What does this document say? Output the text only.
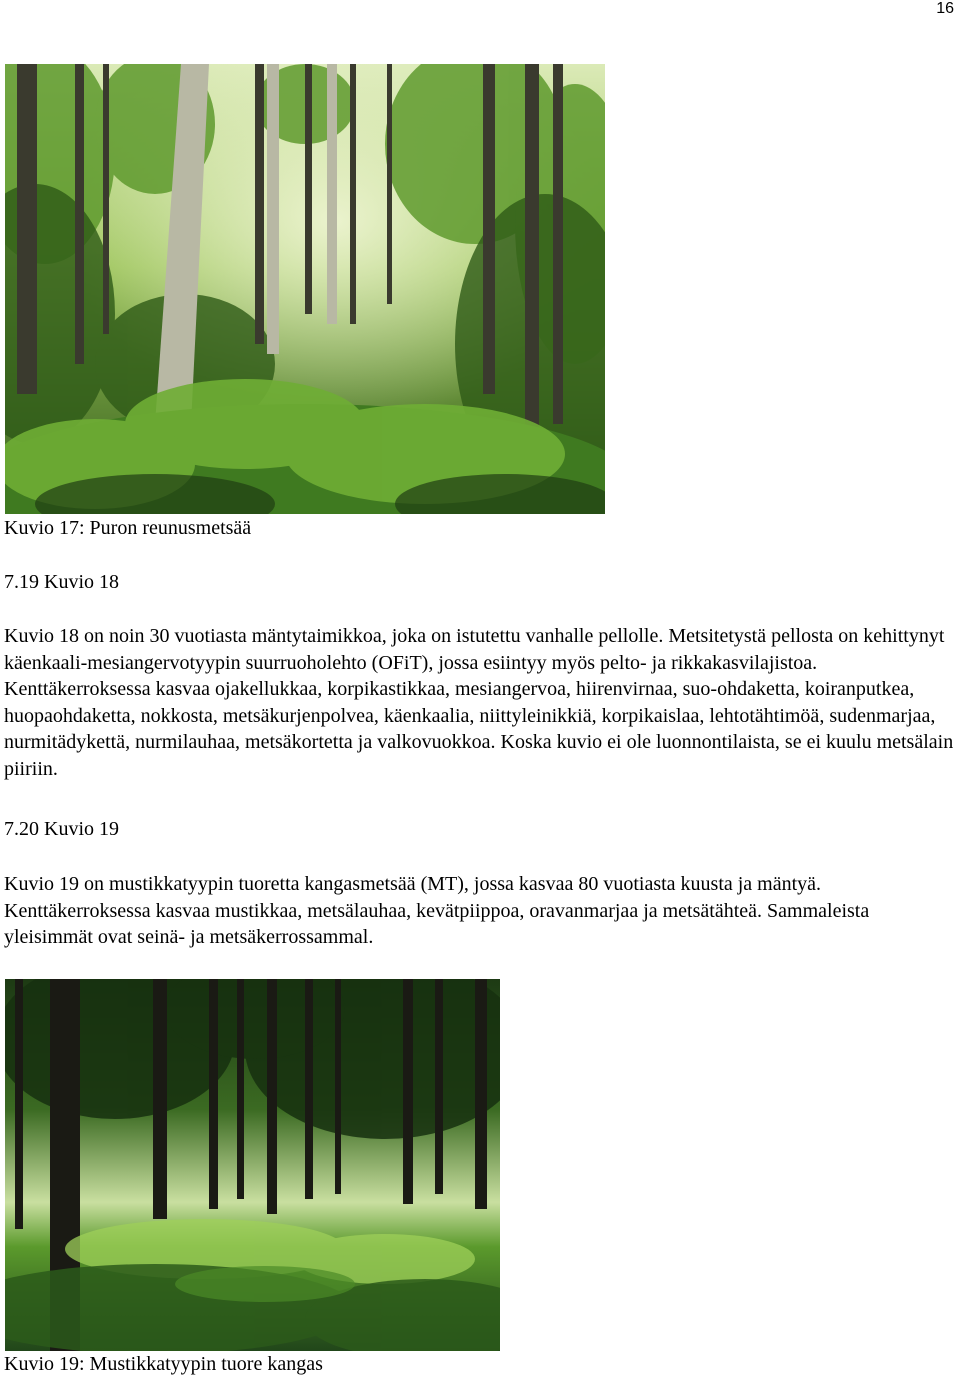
16

Kuvio 17: Puron reunusmetsää

7.19 Kuvio 18

Kuvio 18 on noin 30 vuotiasta mäntytaimikkoa, joka on istutettu vanhalle pellolle. Metsitetystä pellosta on kehittynyt käenkaali-mesiangervotyypin suurruoholehto (OFiT), jossa esiintyy myös pelto- ja rikkakasvilajistoa. Kenttäkerroksessa kasvaa ojakellukkaa, korpikastikkaa, mesiangervoa, hiirenvirnaa, suo-ohdaketta, koiranputkea, huopaohdaketta, nokkosta, metsäkurjenpolvea, käenkaalia, niittyleinikkiä, korpikaislaa, lehtotähtimöä, sudenmarjaa, nurmitädykettä, nurmilauhaa, metsäkortetta ja valkovuokkoa. Koska kuvio ei ole luonnontilaista, se ei kuulu metsälain piiriin.

7.20 Kuvio 19

Kuvio 19 on mustikkatyypin tuoretta kangasmetsää (MT), jossa kasvaa 80 vuotiasta kuusta ja mäntyä. Kenttäkerroksessa kasvaa mustikkaa, metsälauhaa, kevätpiippoa, oravanmarjaa ja metsätähteä. Sammaleista yleisimmät ovat seinä- ja metsäkerrossammal.

Kuvio 19: Mustikkatyypin tuore kangas
